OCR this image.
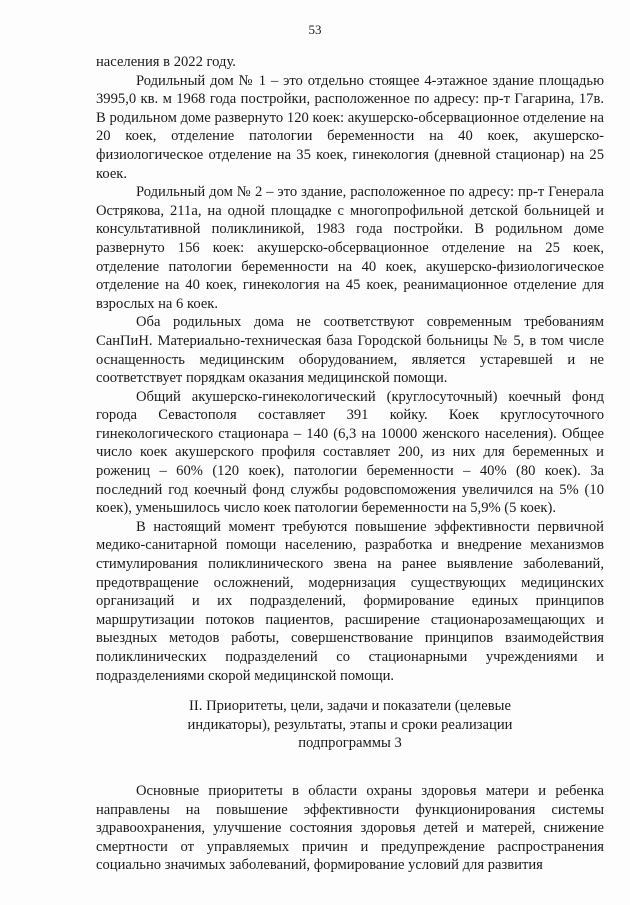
53

населения в 2022 году.

Родильный дом № 1 – это отдельно стоящее 4-этажное здание площадью 3995,0 кв. м 1968 года постройки, расположенное по адресу: пр-т Гагарина, 17в. В родильном доме развернуто 120 коек: акушерско-обсервационное отделение на 20 коек, отделение патологии беременности на 40 коек, акушерско-физиологическое отделение на 35 коек, гинекология (дневной стационар) на 25 коек.

Родильный дом № 2 – это здание, расположенное по адресу: пр-т Генерала Острякова, 211а, на одной площадке с многопрофильной детской больницей и консультативной поликлиникой, 1983 года постройки. В родильном доме развернуто 156 коек: акушерско-обсервационное отделение на 25 коек, отделение патологии беременности на 40 коек, акушерско-физиологическое отделение на 40 коек, гинекология на 45 коек, реанимационное отделение для взрослых на 6 коек.

Оба родильных дома не соответствуют современным требованиям СанПиН. Материально-техническая база Городской больницы № 5, в том числе оснащенность медицинским оборудованием, является устаревшей и не соответствует порядкам оказания медицинской помощи.

Общий акушерско-гинекологический (круглосуточный) коечный фонд города Севастополя составляет 391 койку. Коек круглосуточного гинекологического стационара – 140 (6,3 на 10000 женского населения). Общее число коек акушерского профиля составляет 200, из них для беременных и рожениц – 60% (120 коек), патологии беременности – 40% (80 коек). За последний год коечный фонд службы родовспоможения увеличился на 5% (10 коек), уменьшилось число коек патологии беременности на 5,9% (5 коек).

В настоящий момент требуются повышение эффективности первичной медико-санитарной помощи населению, разработка и внедрение механизмов стимулирования поликлинического звена на ранее выявление заболеваний, предотвращение осложнений, модернизация существующих медицинских организаций и их подразделений, формирование единых принципов маршрутизации потоков пациентов, расширение стационарозамещающих и выездных методов работы, совершенствование принципов взаимодействия поликлинических подразделений со стационарными учреждениями и подразделениями скорой медицинской помощи.

II. Приоритеты, цели, задачи и показатели (целевые индикаторы), результаты, этапы и сроки реализации подпрограммы 3

Основные приоритеты в области охраны здоровья матери и ребенка направлены на повышение эффективности функционирования системы здравоохранения, улучшение состояния здоровья детей и матерей, снижение смертности от управляемых причин и предупреждение распространения социально значимых заболеваний, формирование условий для развития
